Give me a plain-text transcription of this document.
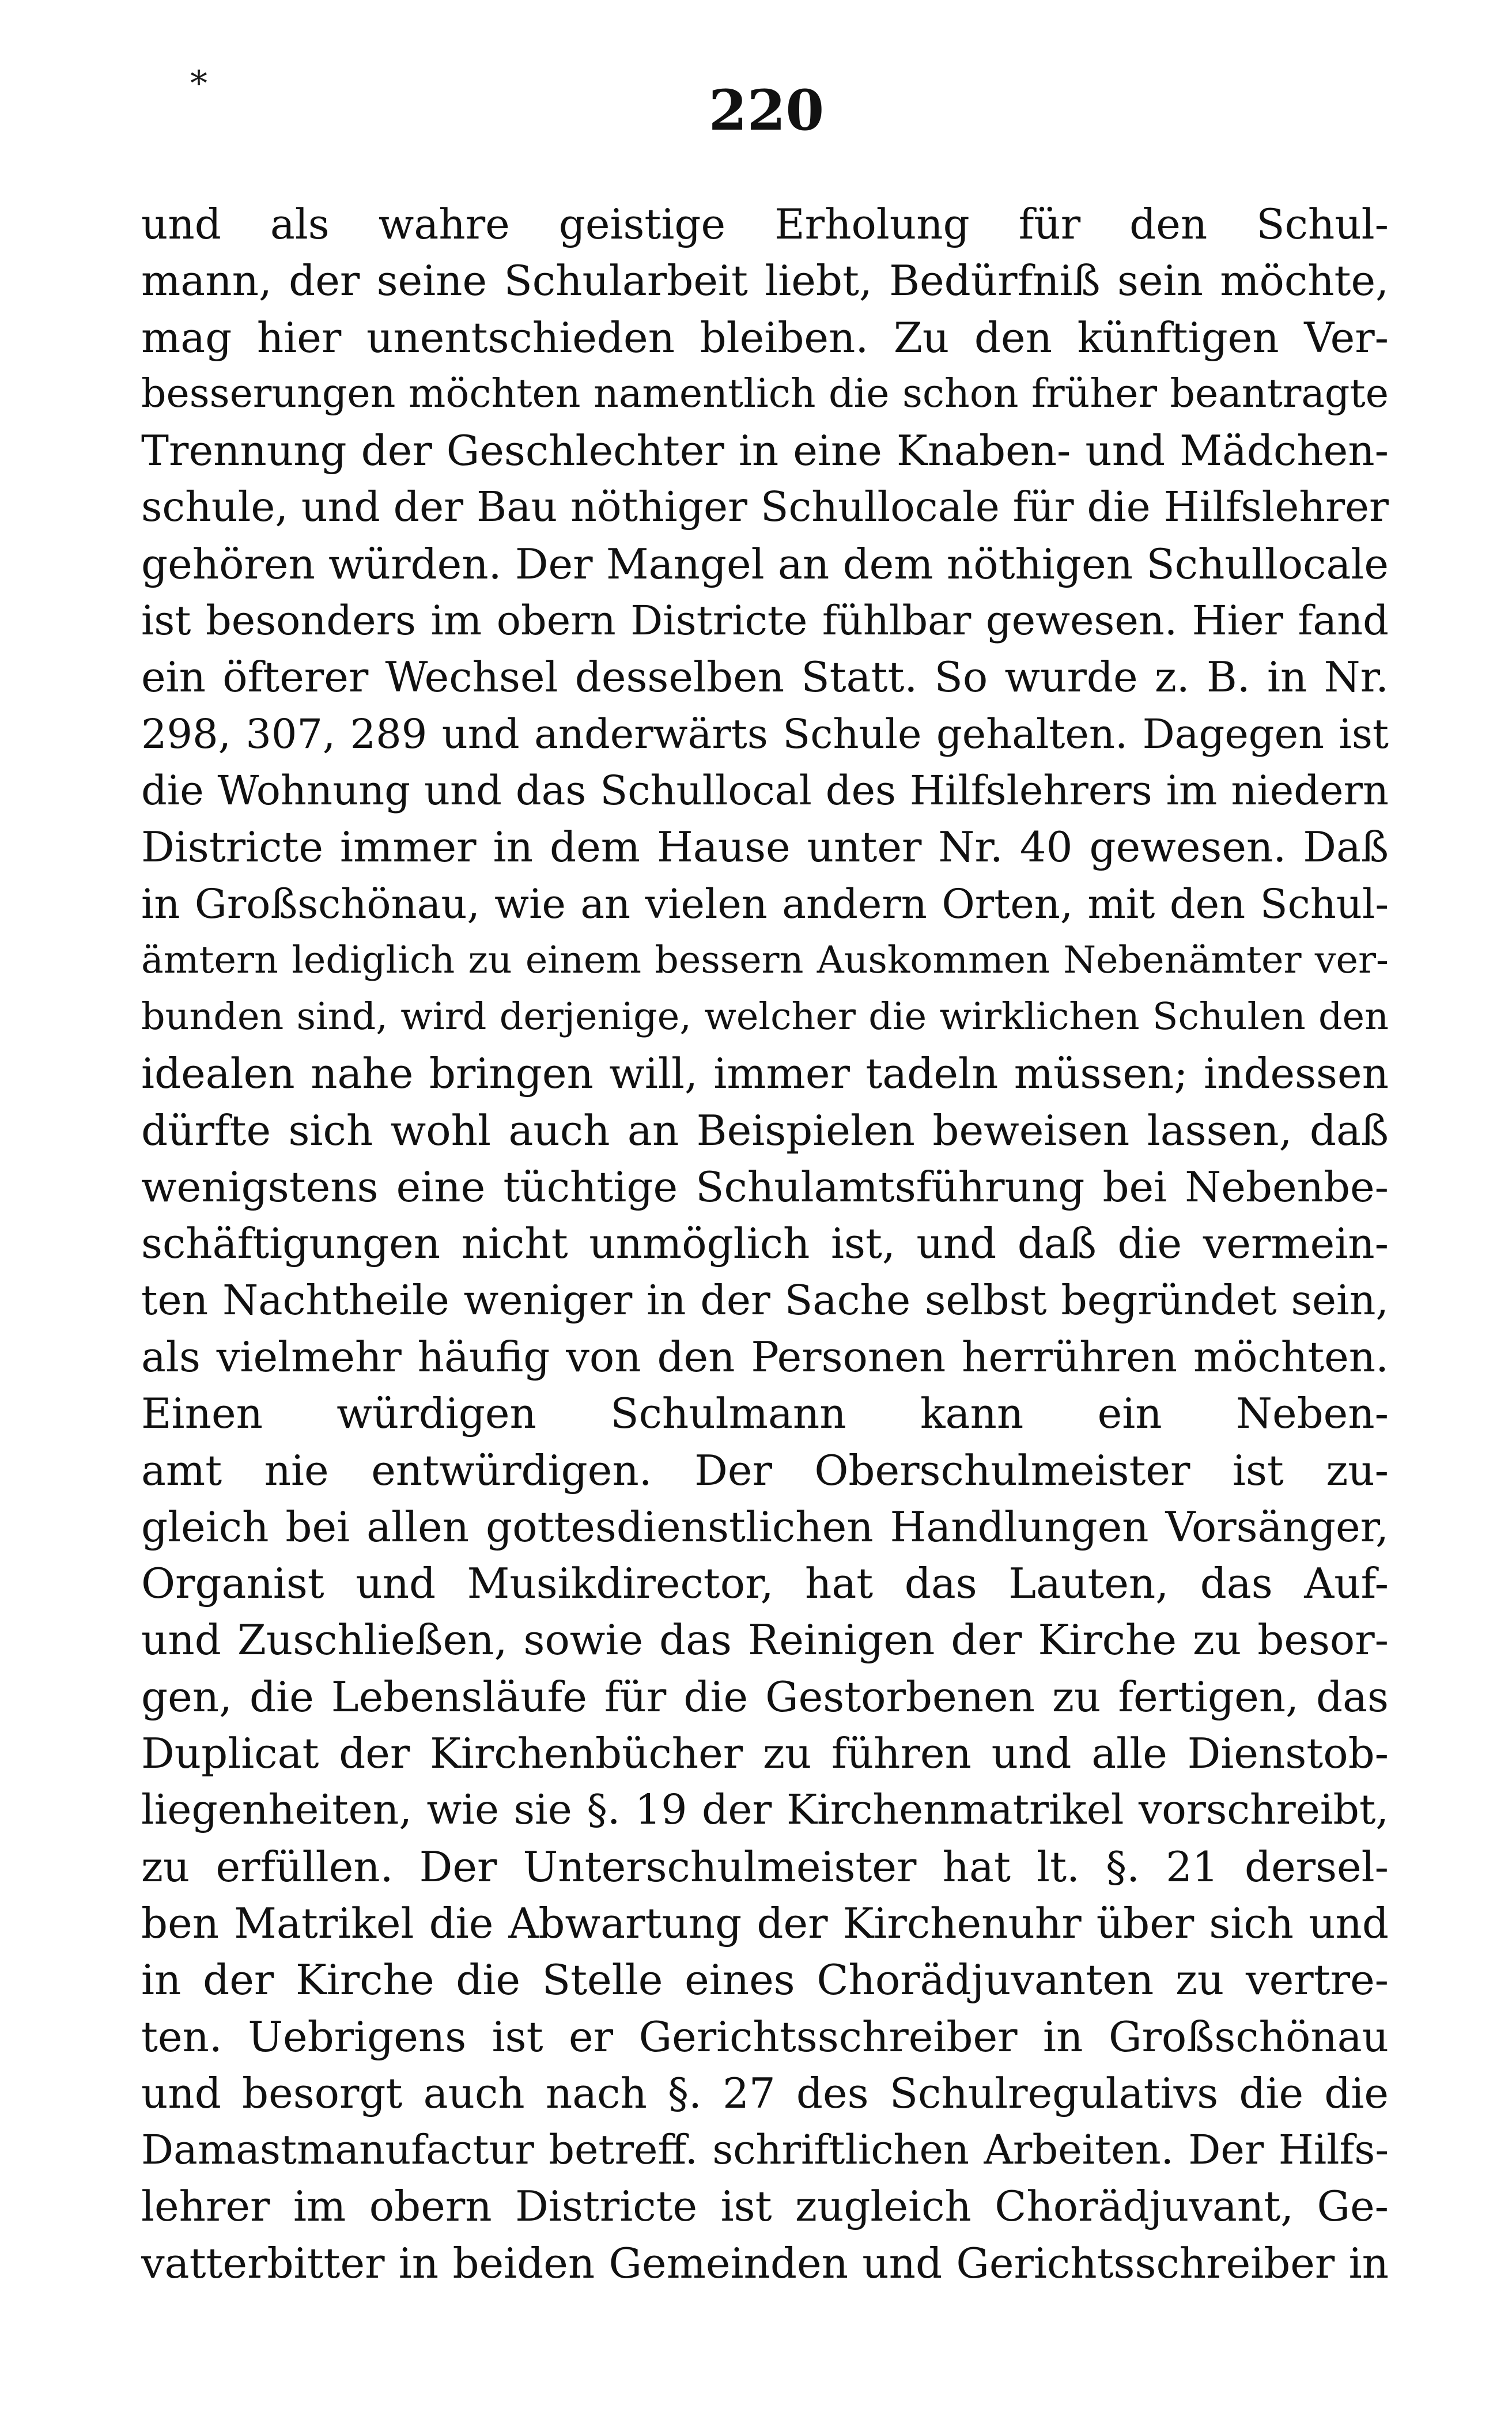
*	220
und als wahre geistige Erholung für den Schul-
mann, der seine Schularbeit liebt, Bedürfniß sein möchte,
mag hier unentschieden bleiben. Zu den künftigen Ver-
besserungen möchten namentlich die schon früher beantragte
Trennung der Geschlechter in eine Knaben- und Mädchen-
schule, und der Bau nöthiger Schullocale für die Hilfslehrer
gehören würden. Der Mangel an dem nöthigen Schullocale
ist besonders im obern Districte fühlbar gewesen. Hier fand
ein öfterer Wechsel desselben Statt. So wurde z. B. in Nr.
298, 307, 289 und anderwärts Schule gehalten. Dagegen ist
die Wohnung und das Schullocal des Hilfslehrers im niedern
Districte immer in dem Hause unter Nr. 40 gewesen. Daß
in Großschönau, wie an vielen andern Orten, mit den Schul-
ämtern lediglich zu einem bessern Auskommen Nebenämter ver-
bunden sind, wird derjenige, welcher die wirklichen Schulen den
idealen nahe bringen will, immer tadeln müssen; indessen
dürfte sich wohl auch an Beispielen beweisen lassen, daß
wenigstens eine tüchtige Schulamtsführung bei Nebenbe-
schäftigungen nicht unmöglich ist, und daß die vermein-
ten Nachtheile weniger in der Sache selbst begründet sein,
als vielmehr häufig von den Personen herrühren möchten.
Einen würdigen Schulmann kann ein Neben-
amt nie entwürdigen. Der Oberschulmeister ist zu-
gleich bei allen gottesdienstlichen Handlungen Vorsänger,
Organist und Musikdirector, hat das Lauten, das Auf-
und Zuschließen, sowie das Reinigen der Kirche zu besor-
gen, die Lebensläufe für die Gestorbenen zu fertigen, das
Duplicat der Kirchenbücher zu führen und alle Dienstob-
liegenheiten, wie sie §. 19 der Kirchenmatrikel vorschreibt,
zu erfüllen. Der Unterschulmeister hat lt. §. 21 dersel-
ben Matrikel die Abwartung der Kirchenuhr über sich und
in der Kirche die Stelle eines Chorädjuvanten zu vertre-
ten. Uebrigens ist er Gerichtsschreiber in Großschönau
und besorgt auch nach §. 27 des Schulregulativs die die
Damastmanufactur betreff. schriftlichen Arbeiten. Der Hilfs-
lehrer im obern Districte ist zugleich Chorädjuvant, Ge-
vatterbitter in beiden Gemeinden und Gerichtsschreiber in
